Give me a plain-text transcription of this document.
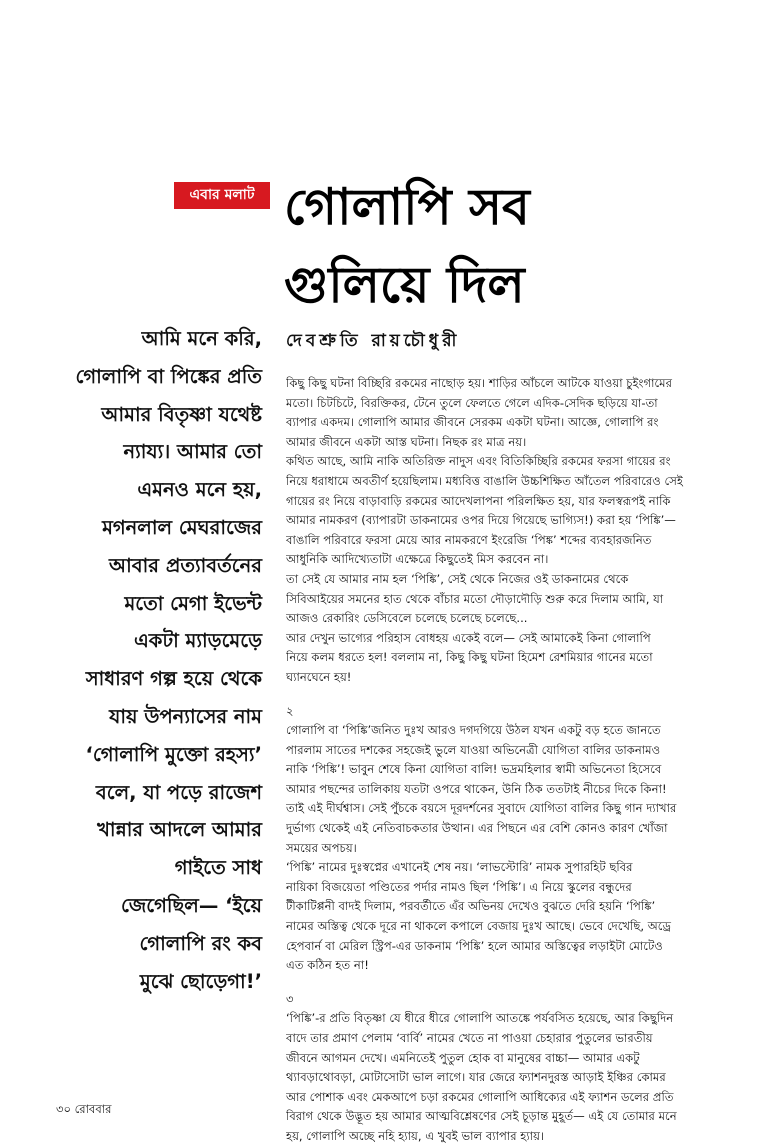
এবার মলাট গোলাপি সব
গুলিয়ে দিল
দেবশ্রুতি রায়চৌধুরী
আমি মনে করি,
গোলাপি বা পিঙ্কের প্রতি
আমার বিতৃষ্ণা যথেষ্ট
ন্যায্য। আমার তো
এমনও মনে হয়,
মগনলাল মেঘরাজের
আবার প্রত্যাবর্তনের
মতো মেগা ইভেন্ট
একটা ম্যাড়মেড়ে
সাধারণ গল্প হয়ে থেকে
যায় উপন্যাসের নাম
‘গোলাপি মুক্তো রহস্য’
বলে, যা পড়ে রাজেশ
খান্নার আদলে আমার
গাইতে সাধ
জেগেছিল— ‘ইয়ে
গোলাপি রং কব
মুঝে ছোড়েগা!’

কিছু কিছু ঘটনা বিচ্ছিরি রকমের নাছোড় হয়। শাড়ির আঁচলে আটকে যাওয়া চুইংগামের
মতো। চিটচিটে, বিরক্তিকর, টেনে তুলে ফেলতে গেলে এদিক-সেদিক ছড়িয়ে যা-তা
ব্যাপার একদম। গোলাপি আমার জীবনে সেরকম একটা ঘটনা। আজ্ঞে, গোলাপি রং
আমার জীবনে একটা আস্ত ঘটনা। নিছক রং মাত্র নয়।

কথিত আছে, আমি নাকি অতিরিক্ত নাদুস এবং বিতিকিচ্ছিরি রকমের ফরসা গায়ের রং
নিয়ে ধরাধামে অবতীর্ণ হয়েছিলাম। মধ্যবিত্ত বাঙালি উচ্চশিক্ষিত আঁতেল পরিবারেও সেই
গায়ের রং নিয়ে বাড়াবাড়ি রকমের আদেখলাপনা পরিলক্ষিত হয়, যার ফলস্বরূপই নাকি
আমার নামকরণ (ব্যাপারটা ডাকনামের ওপর দিয়ে গিয়েছে ভাগ্যিস!) করা হয় ‘পিঙ্কি’—
বাঙালি পরিবারে ফরসা মেয়ে আর নামকরণে ইংরেজি ‘পিঙ্ক’ শব্দের ব্যবহারজনিত
আধুনিকি আদিখ্যেতাটা এক্ষেত্রে কিছুতেই মিস করবেন না।

তা সেই যে আমার নাম হল ‘পিঙ্কি’, সেই থেকে নিজের ওই ডাকনামের থেকে
সিবিআইয়ের সমনের হাত থেকে বাঁচার মতো দৌড়াদৌড়ি শুরু করে দিলাম আমি, যা
আজও রেকারিং ডেসিবেলে চলেছে চলেছে চলেছে...

আর দেখুন ভাগ্যের পরিহাস বোধহয় একেই বলে— সেই আমাকেই কিনা গোলাপি
নিয়ে কলম ধরতে হল! বললাম না, কিছু কিছু ঘটনা হিমেশ রেশমিয়ার গানের মতো
ঘ্যানঘেনে হয়!

২

গোলাপি বা ‘পিঙ্কি’জনিত দুঃখ আরও দগদগিয়ে উঠল যখন একটু বড় হতে জানতে
পারলাম সাতের দশকের সহজেই ভুলে যাওয়া অভিনেত্রী যোগিতা বালির ডাকনামও
নাকি ‘পিঙ্কি’! ভাবুন শেষে কিনা যোগিতা বালি! ভদ্রমহিলার স্বামী অভিনেতা হিসেবে
আমার পছন্দের তালিকায় যতটা ওপরে থাকেন, উনি ঠিক ততটাই নীচের দিকে কিনা!
তাই এই দীর্ঘশ্বাস। সেই পুঁচকে বয়সে দূরদর্শনের সুবাদে যোগিতা বালির কিছু গান দ্যাখার
দুর্ভাগ্য থেকেই এই নেতিবাচকতার উত্থান। এর পিছনে এর বেশি কোনও কারণ খোঁজা
সময়ের অপচয়।

‘পিঙ্কি’ নামের দুঃস্বপ্নের এখানেই শেষ নয়। ‘লাভস্টোরি’ নামক সুপারহিট ছবির
নায়িকা বিজয়েতা পণ্ডিতের পর্দার নামও ছিল ‘পিঙ্কি’। এ নিয়ে স্কুলের বন্ধুদের
টীকাটিপ্পনী বাদই দিলাম, পরবর্তীতে এঁর অভিনয় দেখেও বুঝতে দেরি হয়নি ‘পিঙ্কি’
নামের অস্তিত্ব থেকে দূরে না থাকলে কপালে বেজায় দুঃখ আছে। ভেবে দেখেছি, অড্রে
হেপবার্ন বা মেরিল স্ট্রিপ-এর ডাকনাম ‘পিঙ্কি’ হলে আমার অস্তিত্বের লড়াইটা মোটেও
এত কঠিন হত না!

৩

‘পিঙ্কি’-র প্রতি বিতৃষ্ণা যে ধীরে ধীরে গোলাপি আতঙ্কে পর্যবসিত হয়েছে, আর কিছুদিন
বাদে তার প্রমাণ পেলাম ‘বার্বি’ নামের খেতে না পাওয়া চেহারার পুতুলের ভারতীয়
জীবনে আগমন দেখে। এমনিতেই পুতুল হোক বা মানুষের বাচ্চা— আমার একটু
থ্যাবড়াথোবড়া, মোটাসোটা ভাল লাগে। যার জেরে ফ্যাশনদুরস্ত আড়াই ইঞ্চির কোমর
আর পোশাক এবং মেকআপে চড়া রকমের গোলাপি আধিক্যের এই ফ্যাশন ডলের প্রতি
বিরাগ থেকে উদ্ভূত হয় আমার আত্মবিশ্লেষণের সেই চূড়ান্ত মুহূর্ত— এই যে তোমার মনে
হয়, গোলাপি অচ্ছে নহি হ্যায়, এ খুবই ভাল ব্যাপার হ্যায়।

৩০ রোববার
